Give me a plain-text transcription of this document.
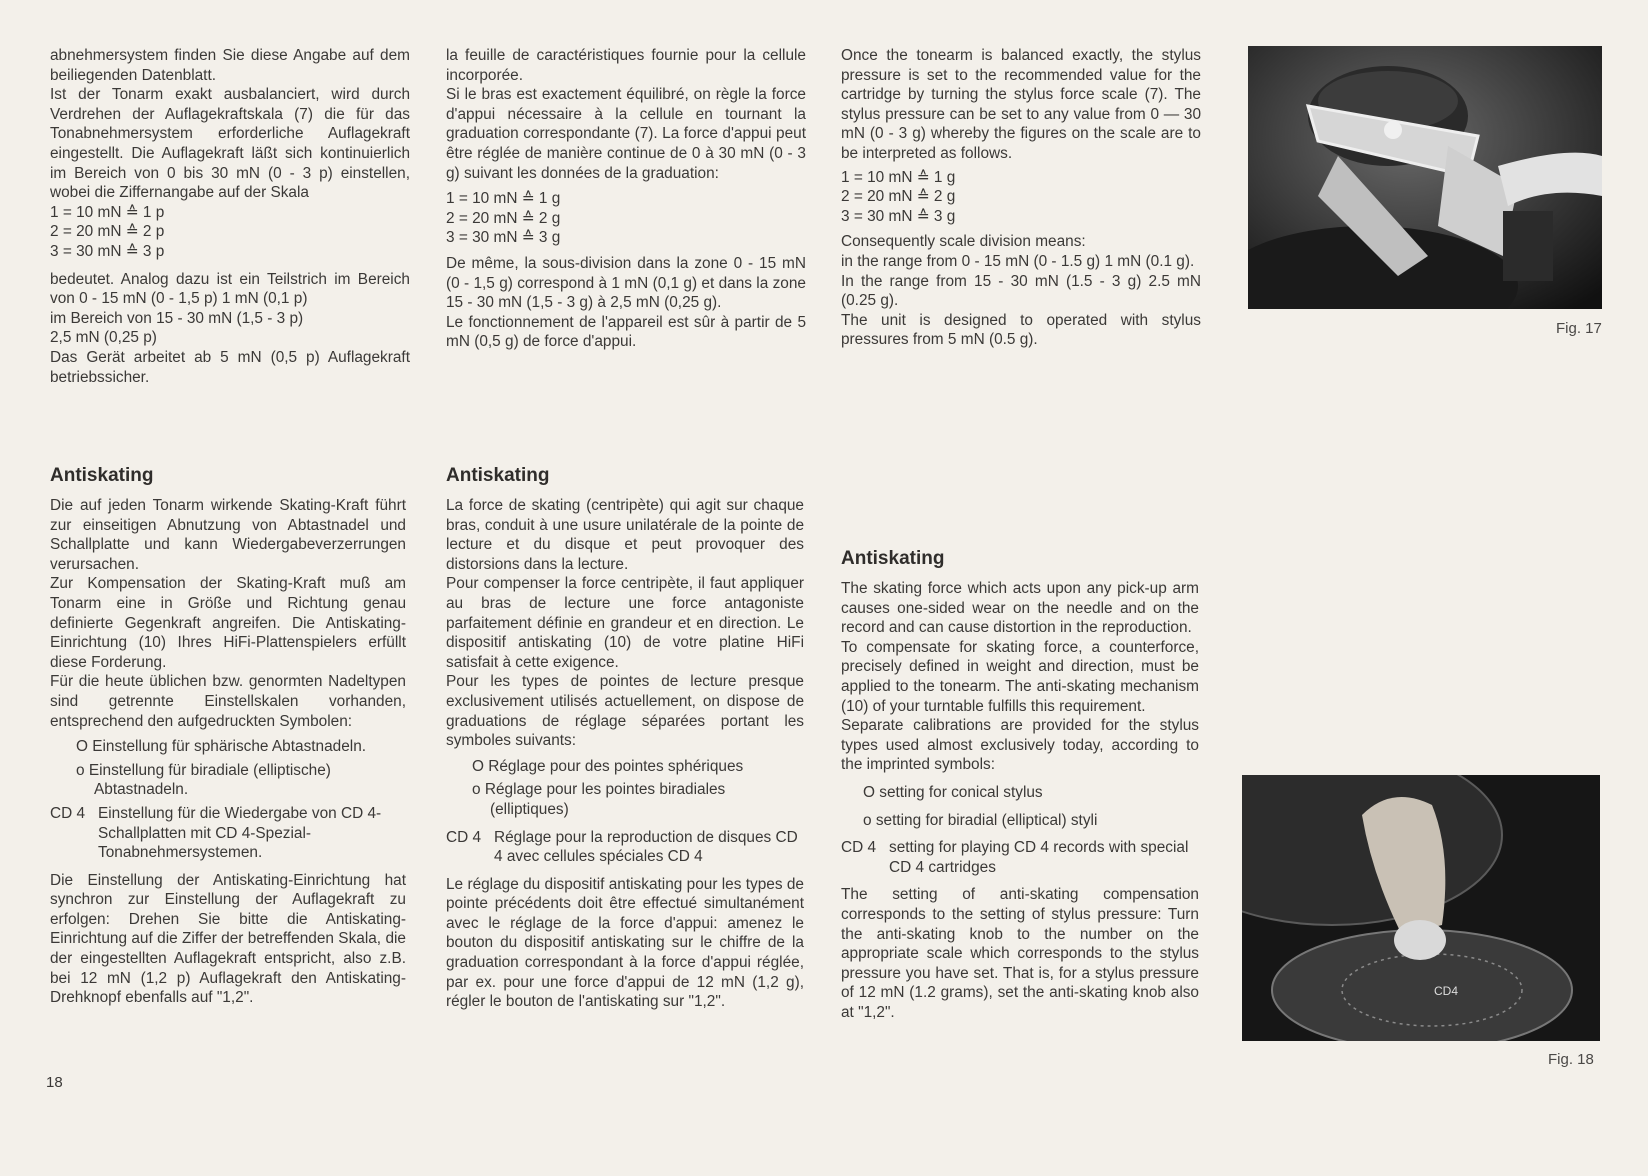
abnehmersystem finden Sie diese Angabe auf dem beiliegenden Datenblatt.

Ist der Tonarm exakt ausbalanciert, wird durch Verdrehen der Auflagekraftskala (7) die für das Tonabnehmersystem erforderliche Auflagekraft eingestellt. Die Auflagekraft läßt sich kontinuierlich im Bereich von 0 bis 30 mN (0 - 3 p) einstellen, wobei die Ziffernangabe auf der Skala

1 = 10 mN ≙ 1 p

2 = 20 mN ≙ 2 p

3 = 30 mN ≙ 3 p

bedeutet. Analog dazu ist ein Teilstrich im Bereich von 0 - 15 mN (0 - 1,5 p) 1 mN (0,1 p)

im Bereich von 15 - 30 mN (1,5 - 3 p)

2,5 mN (0,25 p)

Das Gerät arbeitet ab 5 mN (0,5 p) Auflagekraft betriebssicher.

Antiskating

Die auf jeden Tonarm wirkende Skating-Kraft führt zur einseitigen Abnutzung von Abtastnadel und Schallplatte und kann Wiedergabeverzerrungen verursachen.

Zur Kompensation der Skating-Kraft muß am Tonarm eine in Größe und Richtung genau definierte Gegenkraft angreifen. Die Antiskating-Einrichtung (10) Ihres HiFi-Plattenspielers erfüllt diese Forderung.

Für die heute üblichen bzw. genormten Nadeltypen sind getrennte Einstellskalen vorhanden, entsprechend den aufgedruckten Symbolen:

O Einstellung für sphärische Abtastnadeln.

o Einstellung für biradiale (elliptische) Abtastnadeln.

CD 4 Einstellung für die Wiedergabe von CD 4-Schallplatten mit CD 4-Spezial-Tonabnehmersystemen.

Die Einstellung der Antiskating-Einrichtung hat synchron zur Einstellung der Auflagekraft zu erfolgen: Drehen Sie bitte die Antiskating-Einrichtung auf die Ziffer der betreffenden Skala, die der eingestellten Auflagekraft entspricht, also z.B. bei 12 mN (1,2 p) Auflagekraft den Antiskating-Drehknopf ebenfalls auf "1,2".

18

la feuille de caractéristiques fournie pour la cellule incorporée.

Si le bras est exactement équilibré, on règle la force d'appui nécessaire à la cellule en tournant la graduation correspondante (7). La force d'appui peut être réglée de manière continue de 0 à 30 mN (0 - 3 g) suivant les données de la graduation:

1 = 10 mN ≙ 1 g

2 = 20 mN ≙ 2 g

3 = 30 mN ≙ 3 g

De même, la sous-division dans la zone 0 - 15 mN (0 - 1,5 g) correspond à 1 mN (0,1 g) et dans la zone 15 - 30 mN (1,5 - 3 g) à 2,5 mN (0,25 g).

Le fonctionnement de l'appareil est sûr à partir de 5 mN (0,5 g) de force d'appui.

Antiskating

La force de skating (centripète) qui agit sur chaque bras, conduit à une usure unilatérale de la pointe de lecture et du disque et peut provoquer des distorsions dans la lecture.

Pour compenser la force centripète, il faut appliquer au bras de lecture une force antagoniste parfaitement définie en grandeur et en direction. Le dispositif antiskating (10) de votre platine HiFi satisfait à cette exigence.

Pour les types de pointes de lecture presque exclusivement utilisés actuellement, on dispose de graduations de réglage séparées portant les symboles suivants:

O Réglage pour des pointes sphériques

o Réglage pour les pointes biradiales (elliptiques)

CD 4 Réglage pour la reproduction de disques CD 4 avec cellules spéciales CD 4

Le réglage du dispositif antiskating pour les types de pointe précédents doit être effectué simultanément avec le réglage de la force d'appui: amenez le bouton du dispositif antiskating sur le chiffre de la graduation correspondant à la force d'appui réglée, par ex. pour une force d'appui de 12 mN (1,2 g), régler le bouton de l'antiskating sur "1,2".

Once the tonearm is balanced exactly, the stylus pressure is set to the recommended value for the cartridge by turning the stylus force scale (7). The stylus pressure can be set to any value from 0 — 30 mN (0 - 3 g) whereby the figures on the scale are to be interpreted as follows.

1 = 10 mN ≙ 1 g

2 = 20 mN ≙ 2 g

3 = 30 mN ≙ 3 g

Consequently scale division means:

in the range from 0 - 15 mN (0 - 1.5 g) 1 mN (0.1 g).

In the range from 15 - 30 mN (1.5 - 3 g) 2.5 mN (0.25 g).

The unit is designed to operated with stylus pressures from 5 mN (0.5 g).

Antiskating

The skating force which acts upon any pick-up arm causes one-sided wear on the needle and on the record and can cause distortion in the reproduction.

To compensate for skating force, a counterforce, precisely defined in weight and direction, must be applied to the tonearm. The anti-skating mechanism (10) of your turntable fulfills this requirement.

Separate calibrations are provided for the stylus types used almost exclusively today, according to the imprinted symbols:

O setting for conical stylus

o setting for biradial (elliptical) styli

CD 4 setting for playing CD 4 records with special CD 4 cartridges

The setting of anti-skating compensation corresponds to the setting of stylus pressure: Turn the anti-skating knob to the number on the appropriate scale which corresponds to the stylus pressure you have set. That is, for a stylus pressure of 12 mN (1.2 grams), set the anti-skating knob also at "1,2".

Fig. 17
CD4
Fig. 18
